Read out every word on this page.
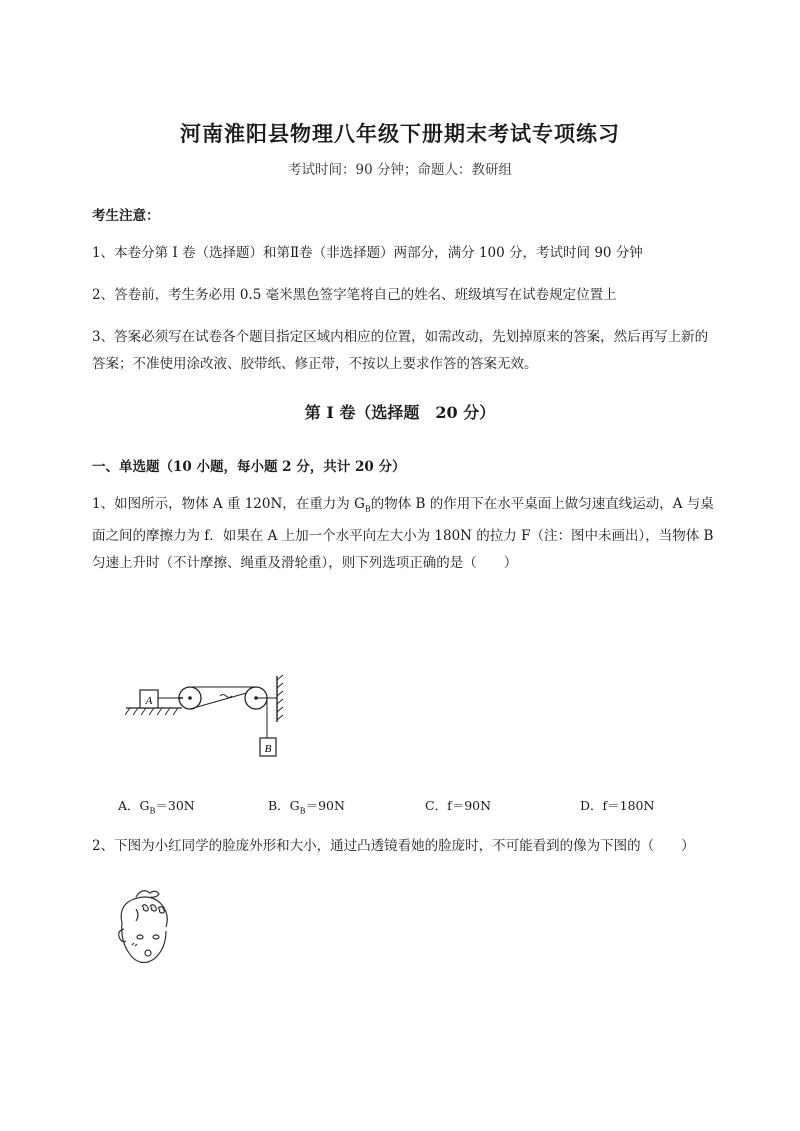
河南淮阳县物理八年级下册期末考试专项练习
考试时间：90 分钟；命题人：教研组
考生注意：
1、本卷分第 I 卷（选择题）和第Ⅱ卷（非选择题）两部分，满分 100 分，考试时间 90 分钟
2、答卷前，考生务必用 0.5 毫米黑色签字笔将自己的姓名、班级填写在试卷规定位置上
3、答案必须写在试卷各个题目指定区域内相应的位置，如需改动，先划掉原来的答案，然后再写上新的答案；不准使用涂改液、胶带纸、修正带，不按以上要求作答的答案无效。
第 I 卷（选择题　20 分）
一、单选题（10 小题，每小题 2 分，共计 20 分）
1、如图所示，物体 A 重 120N，在重力为 $G_B$的物体 B 的作用下在水平桌面上做匀速直线运动，A 与桌面之间的摩擦力为 f．如果在 A 上加一个水平向左大小为 180N 的拉力 F（注：图中未画出），当物体 B 匀速上升时（不计摩擦、绳重及滑轮重），则下列选项正确的是（　　）
A
B
A．$G_B=30N$	B．$G_B=90N$	C．f＝90N	D．f＝180N
2、下图为小红同学的脸庞外形和大小，通过凸透镜看她的脸庞时，不可能看到的像为下图的（　　）
